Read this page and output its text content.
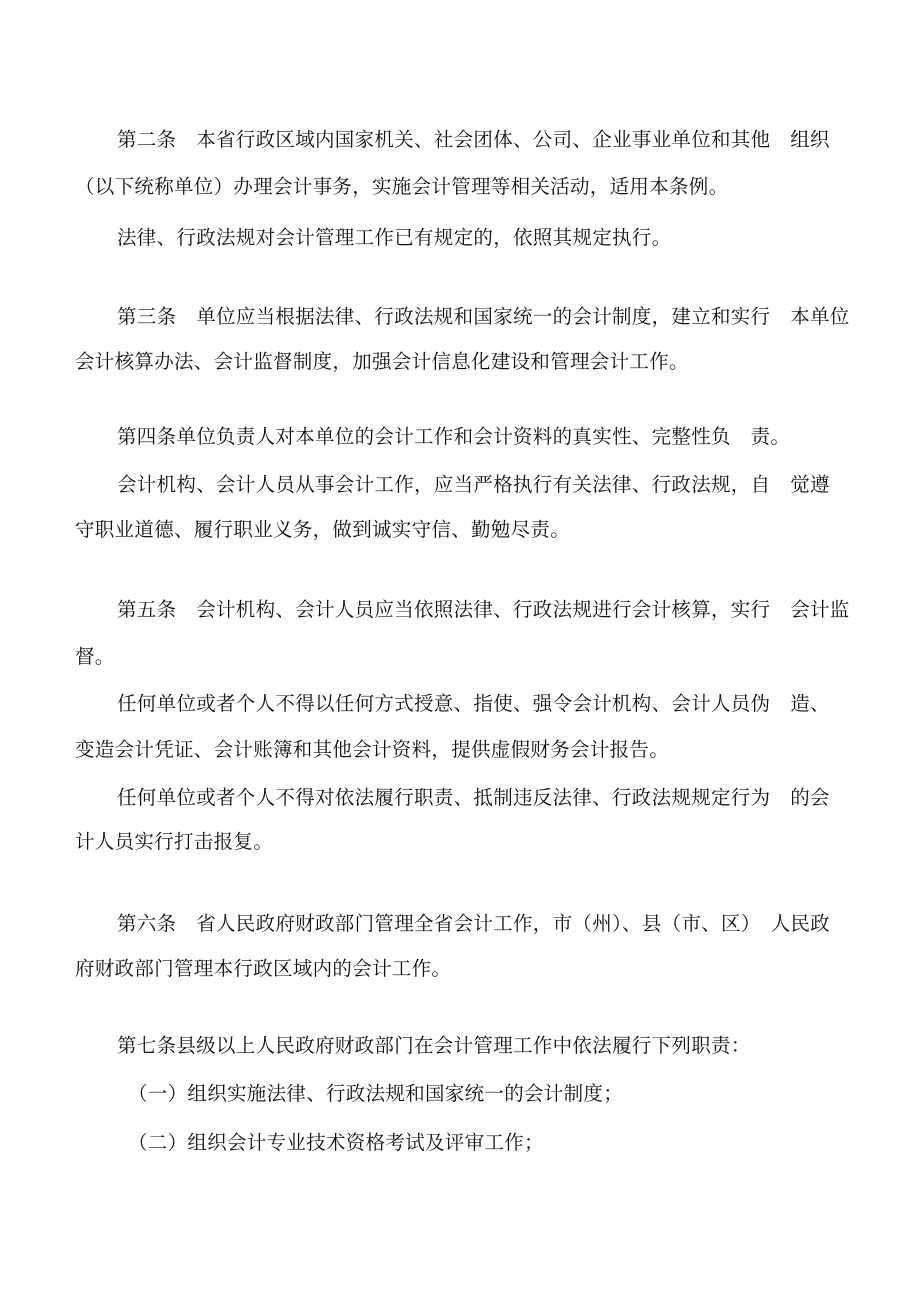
第二条　本省行政区域内国家机关、社会团体、公司、企业事业单位和其他　组织
（以下统称单位）办理会计事务，实施会计管理等相关活动，适用本条例。
法律、行政法规对会计管理工作已有规定的，依照其规定执行。
第三条　单位应当根据法律、行政法规和国家统一的会计制度，建立和实行　本单位
会计核算办法、会计监督制度，加强会计信息化建设和管理会计工作。
第四条单位负责人对本单位的会计工作和会计资料的真实性、完整性负　责。
会计机构、会计人员从事会计工作，应当严格执行有关法律、行政法规，自　觉遵
守职业道德、履行职业义务，做到诚实守信、勤勉尽责。
第五条　会计机构、会计人员应当依照法律、行政法规进行会计核算，实行　会计监
督。
任何单位或者个人不得以任何方式授意、指使、强令会计机构、会计人员伪　造、
变造会计凭证、会计账簿和其他会计资料，提供虚假财务会计报告。
任何单位或者个人不得对依法履行职责、抵制违反法律、行政法规规定行为　的会
计人员实行打击报复。
第六条　省人民政府财政部门管理全省会计工作，市（州）、县（市、区）　人民政
府财政部门管理本行政区域内的会计工作。
第七条县级以上人民政府财政部门在会计管理工作中依法履行下列职责：
（一）组织实施法律、行政法规和国家统一的会计制度；
（二）组织会计专业技术资格考试及评审工作；
